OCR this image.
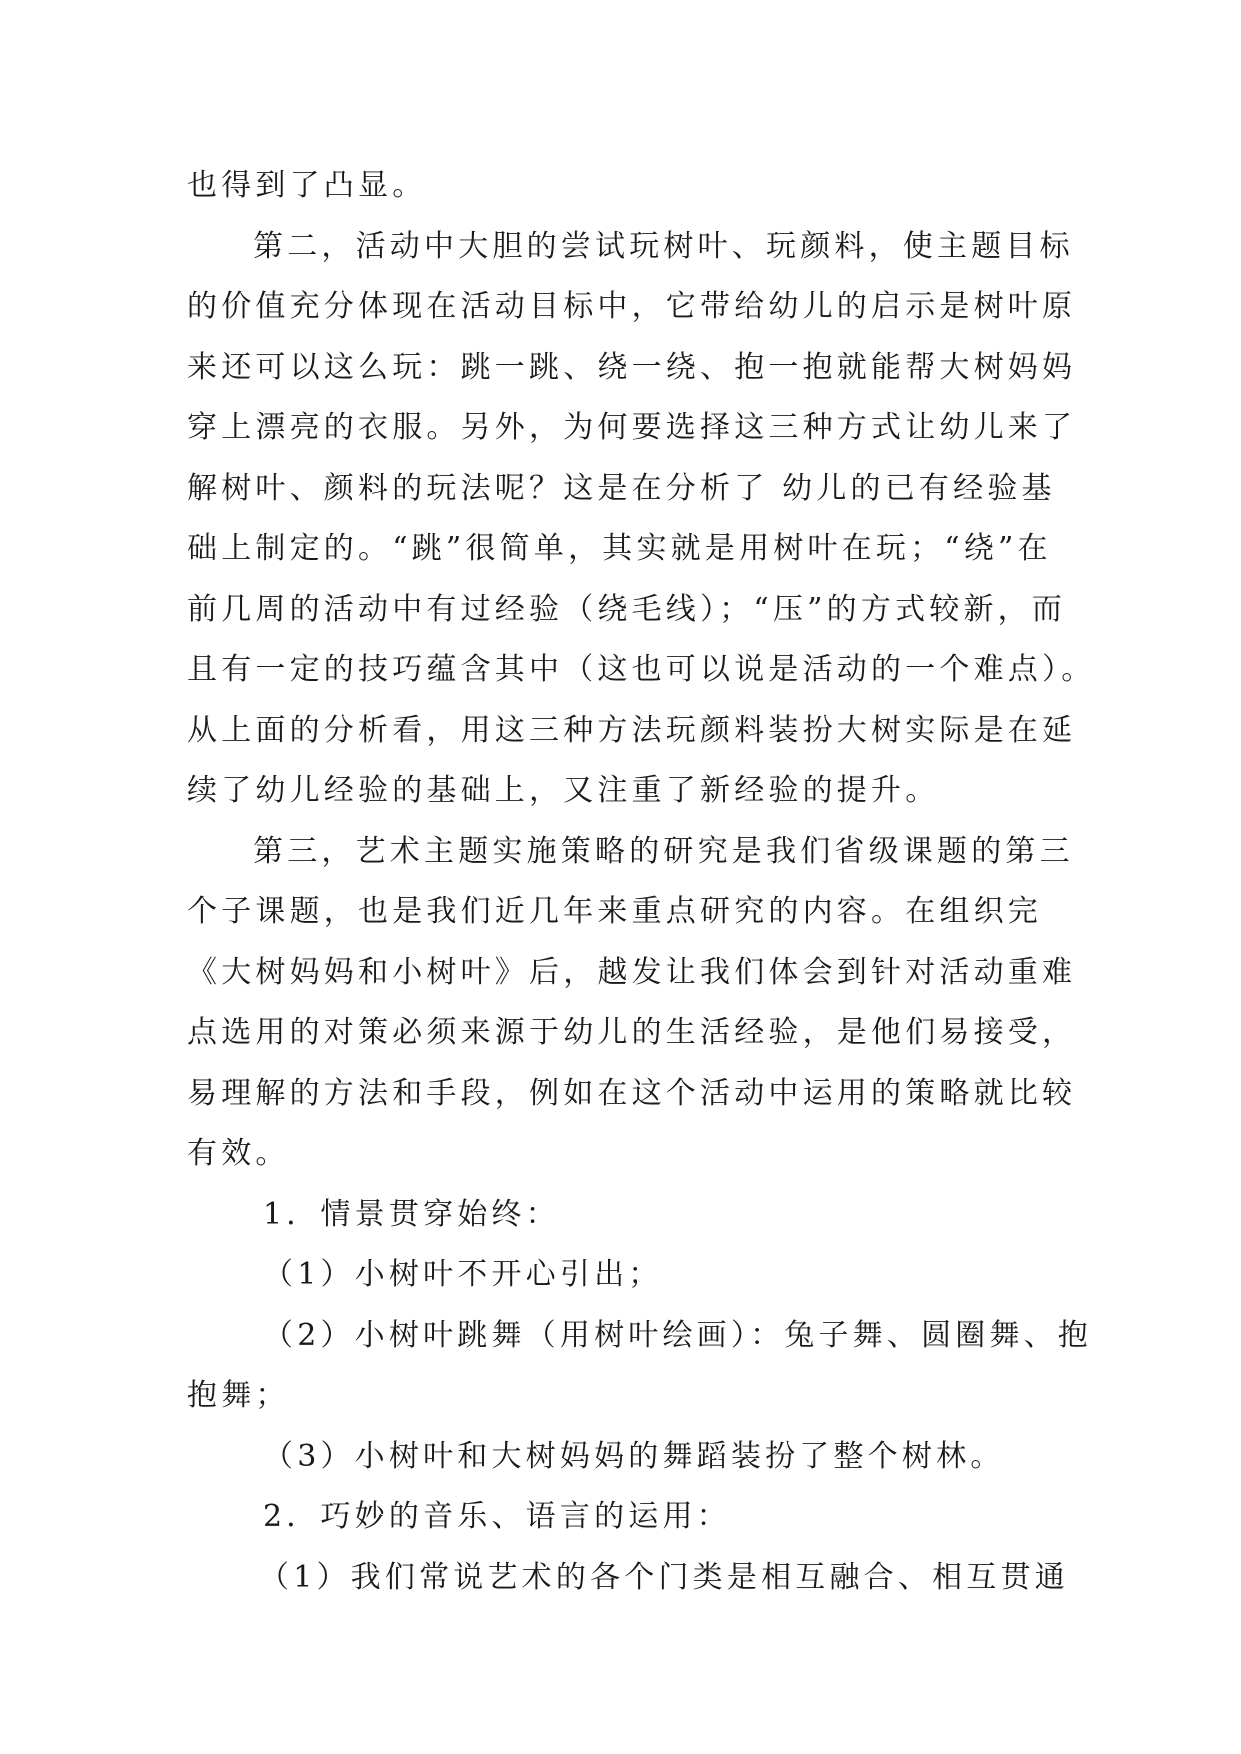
也得到了凸显。
第二，活动中大胆的尝试玩树叶、玩颜料，使主题目标
的价值充分体现在活动目标中，它带给幼儿的启示是树叶原
来还可以这么玩：跳一跳、绕一绕、抱一抱就能帮大树妈妈
穿上漂亮的衣服。另外，为何要选择这三种方式让幼儿来了
解树叶、颜料的玩法呢？这是在分析了 幼儿的已有经验基
础上制定的。“跳”很简单，其实就是用树叶在玩；“绕”在
前几周的活动中有过经验（绕毛线）；“压”的方式较新，而
且有一定的技巧蕴含其中（这也可以说是活动的一个难点）。
从上面的分析看，用这三种方法玩颜料装扮大树实际是在延
续了幼儿经验的基础上，又注重了新经验的提升。
第三，艺术主题实施策略的研究是我们省级课题的第三
个子课题，也是我们近几年来重点研究的内容。在组织完
《大树妈妈和小树叶》后，越发让我们体会到针对活动重难
点选用的对策必须来源于幼儿的生活经验，是他们易接受，
易理解的方法和手段，例如在这个活动中运用的策略就比较
有效。
1．情景贯穿始终：
（1）小树叶不开心引出；
（2）小树叶跳舞（用树叶绘画）：兔子舞、圆圈舞、抱
抱舞；
（3）小树叶和大树妈妈的舞蹈装扮了整个树林。
2．巧妙的音乐、语言的运用：
（1）我们常说艺术的各个门类是相互融合、相互贯通
